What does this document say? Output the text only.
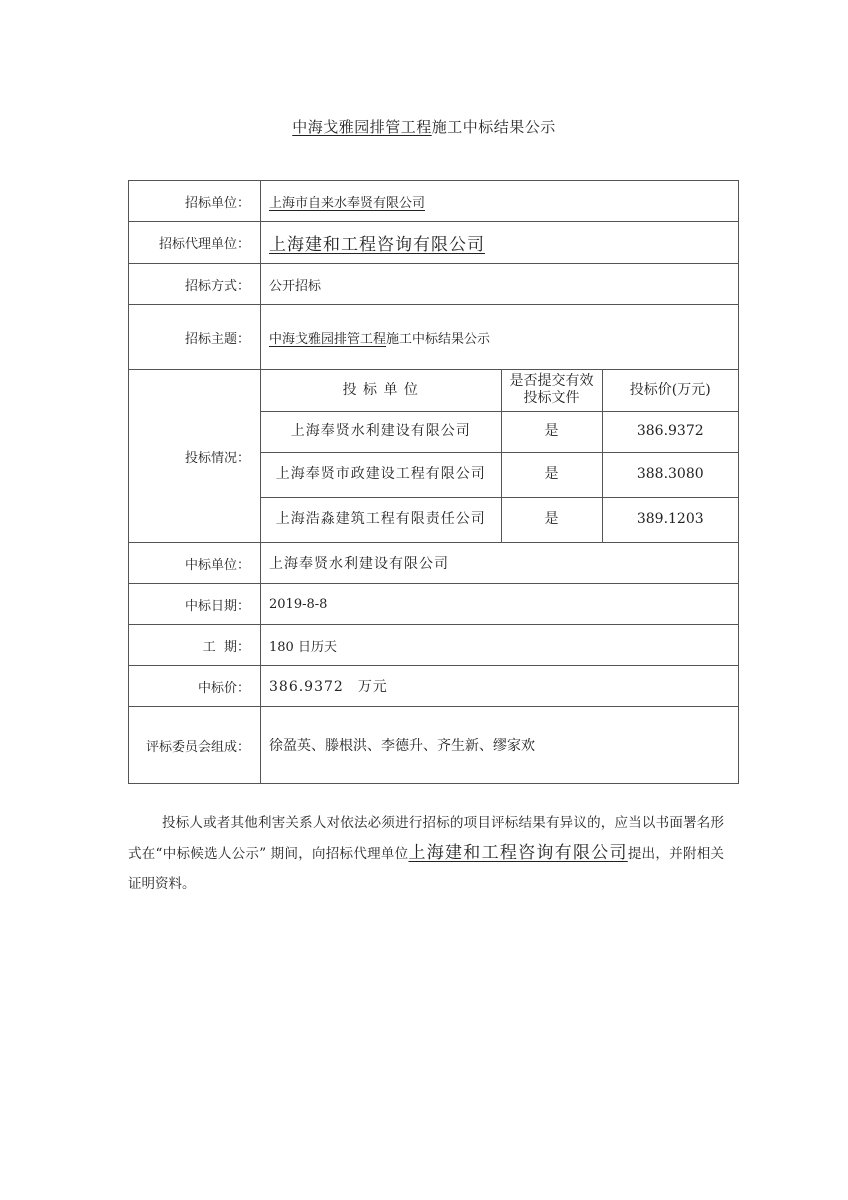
中海戈雅园排管工程施工中标结果公示
招标单位：	上海市自来水奉贤有限公司
招标代理单位：	上海建和工程咨询有限公司
招标方式：	公开招标
招标主题：	中海戈雅园排管工程施工中标结果公示
投标情况：	
投 标 单 位	是否提交有效投标文件	投标价(万元)
上海奉贤水利建设有限公司	是	386.9372
上海奉贤市政建设工程有限公司	是	388.3080
上海浩淼建筑工程有限责任公司	是	389.1203

中标单位：	上海奉贤水利建设有限公司
中标日期：	2019-8-8
工  期：	180 日历天
中标价：	386.9372 万元
评标委员会组成：	徐盈英、滕根洪、李德升、齐生新、缪家欢
投标人或者其他利害关系人对依法必须进行招标的项目评标结果有异议的，应当以书面署名形式在“中标候选人公示” 期间，向招标代理单位上海建和工程咨询有限公司提出，并附相关证明资料。
